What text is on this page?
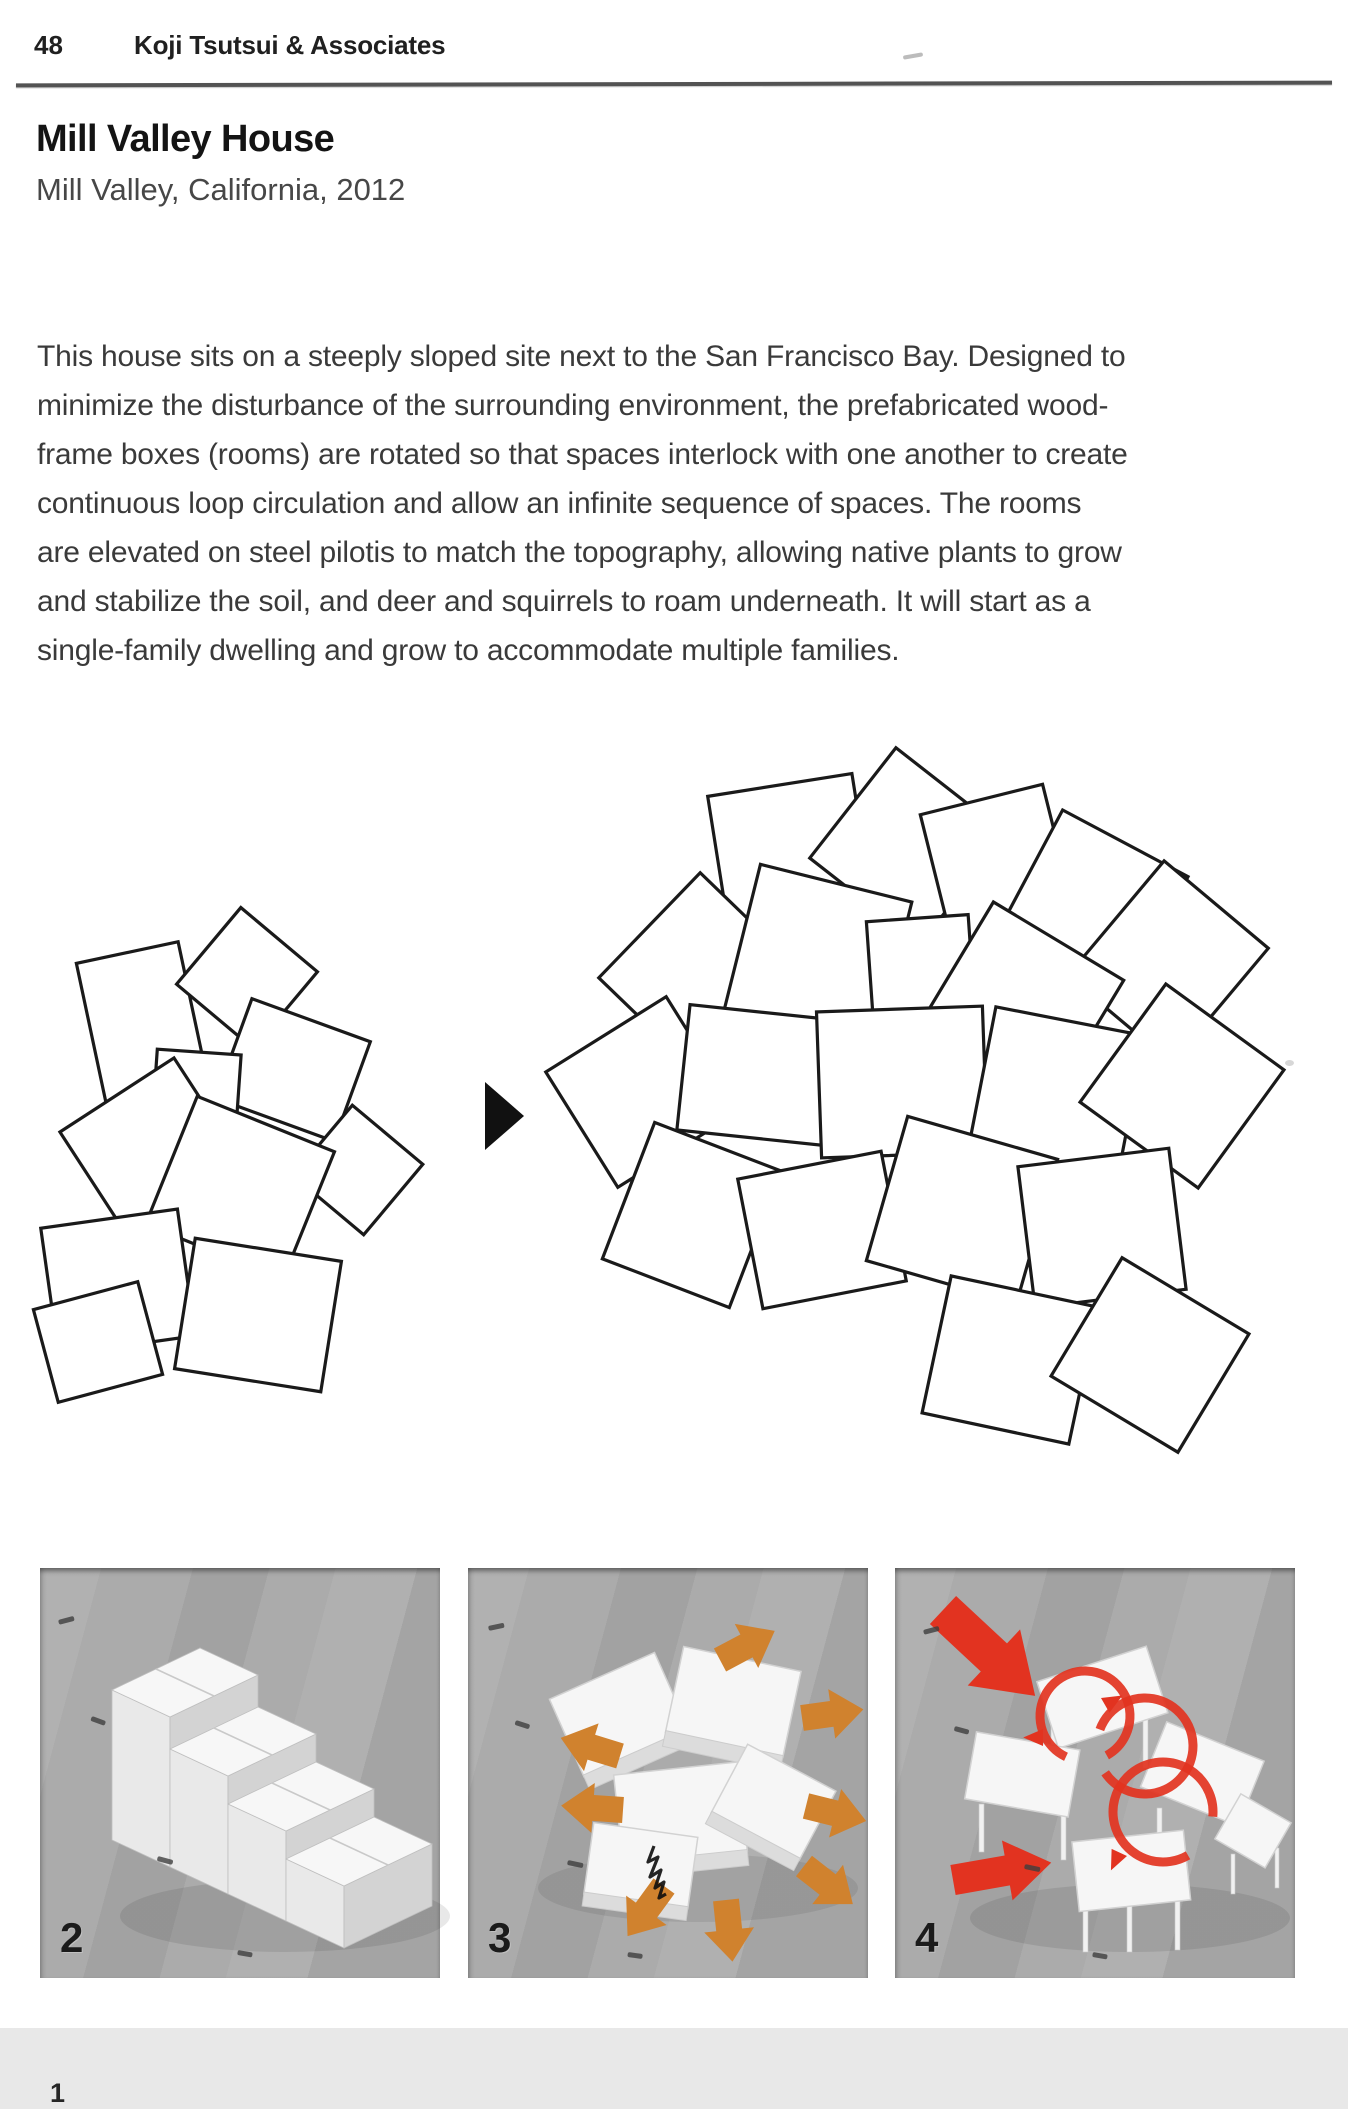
48	Koji Tsutsui & Associates
Mill Valley House
Mill Valley, California, 2012
This house sits on a steeply sloped site next to the San Francisco Bay. Designed to
minimize the disturbance of the surrounding environment, the prefabricated wood-
frame boxes (rooms) are rotated so that spaces interlock with one another to create
continuous loop circulation and allow an infinite sequence of spaces. The rooms
are elevated on steel pilotis to match the topography, allowing native plants to grow
and stabilize the soil, and deer and squirrels to roam underneath. It will start as a
single-family dwelling and grow to accommodate multiple families.
1
2	3	4
